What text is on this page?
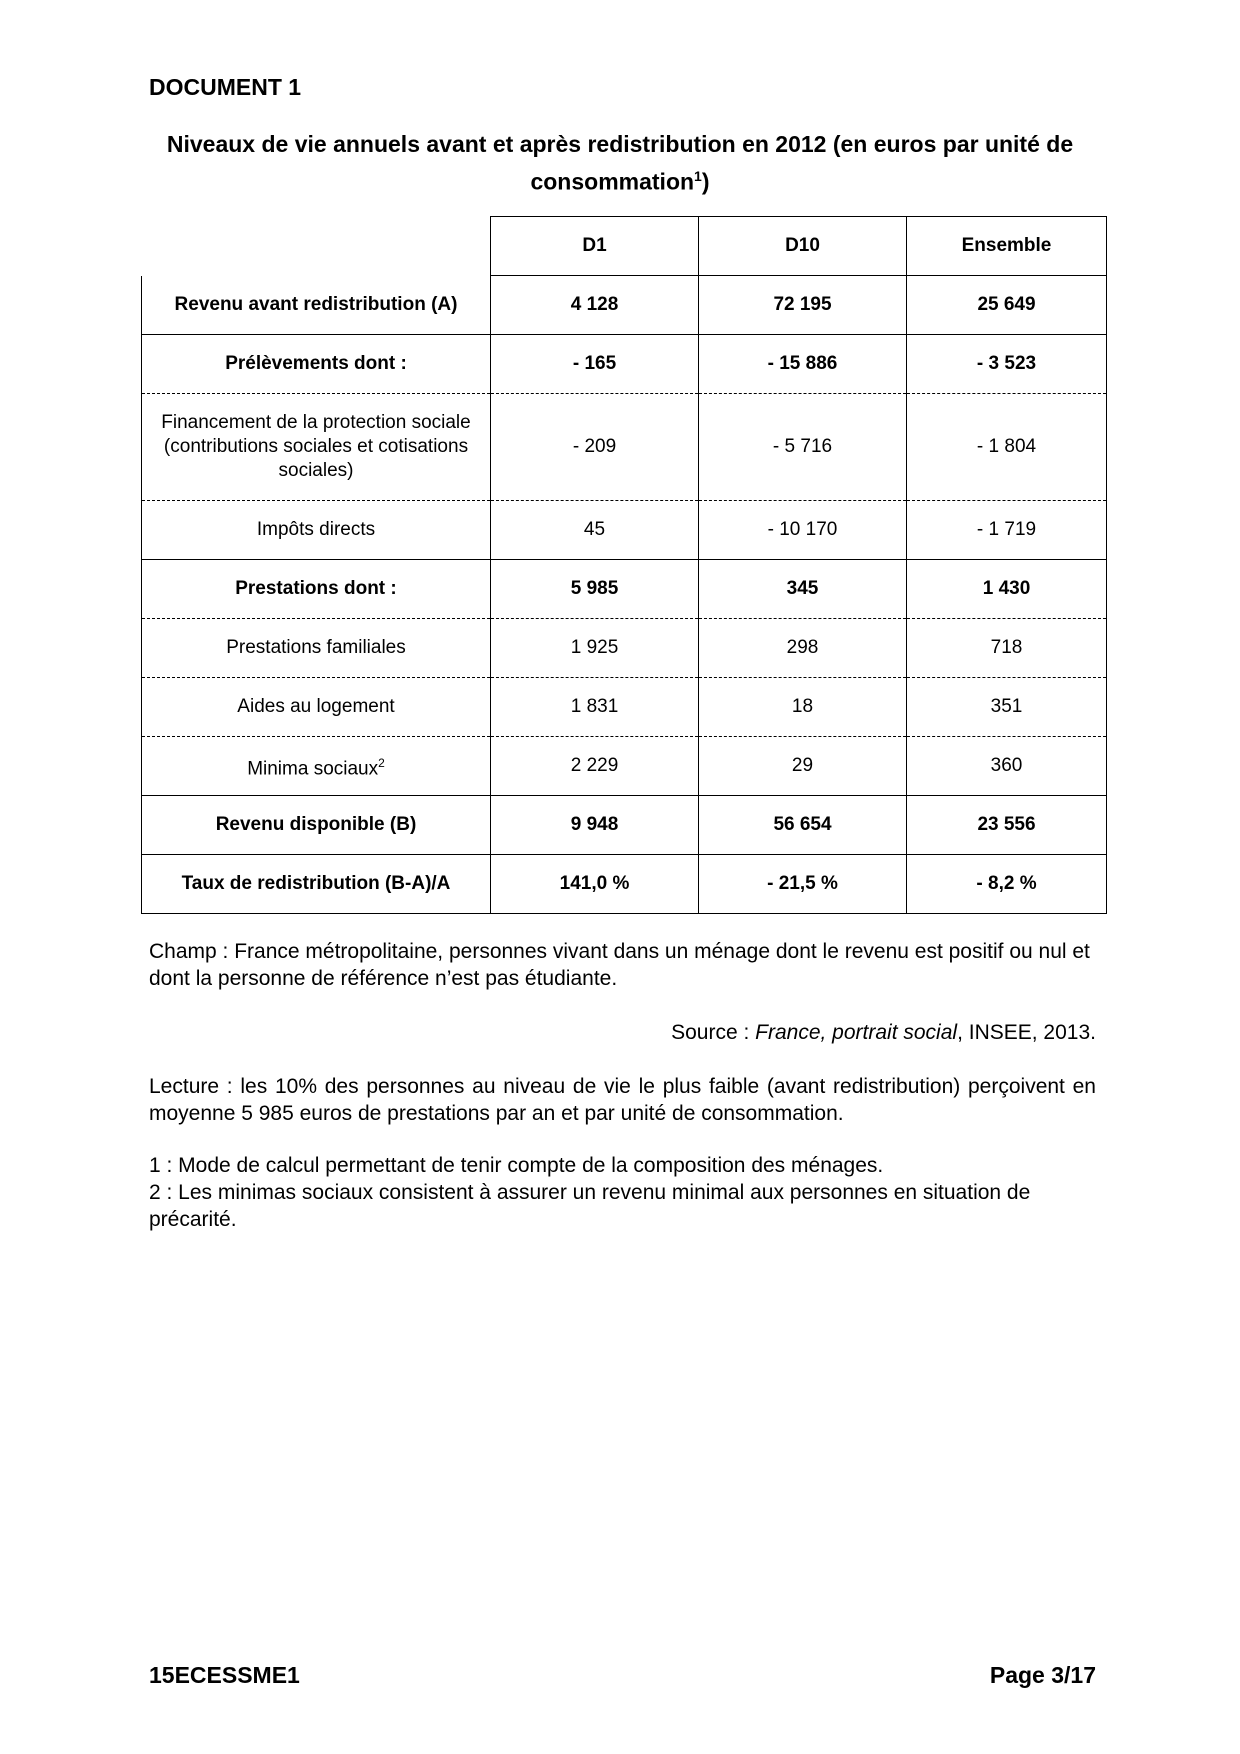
DOCUMENT 1
Niveaux de vie annuels avant et après redistribution en 2012 (en euros par unité de consommation$^1$)
	D1	D10	Ensemble
Revenu avant redistribution (A)	4 128	72 195	25 649
Prélèvements dont :	- 165	- 15 886	- 3 523
Financement de la protection sociale (contributions sociales et cotisations sociales)	- 209	- 5 716	- 1 804
Impôts directs	45	- 10 170	- 1 719
Prestations dont :	5 985	345	1 430
Prestations familiales	1 925	298	718
Aides au logement	1 831	18	351
Minima sociaux$^2$	2 229	29	360
Revenu disponible (B)	9 948	56 654	23 556
Taux de redistribution (B-A)/A	141,0 %	- 21,5 %	- 8,2 %
Champ : France métropolitaine, personnes vivant dans un ménage dont le revenu est positif ou nul et dont la personne de référence n’est pas étudiante.
Source : France, portrait social, INSEE, 2013.
Lecture : les 10% des personnes au niveau de vie le plus faible (avant redistribution) perçoivent en moyenne 5 985 euros de prestations par an et par unité de consommation.
1 : Mode de calcul permettant de tenir compte de la composition des ménages.
2 : Les minimas sociaux consistent à assurer un revenu minimal aux personnes en situation de précarité.
15ECESSME1	Page 3/17
